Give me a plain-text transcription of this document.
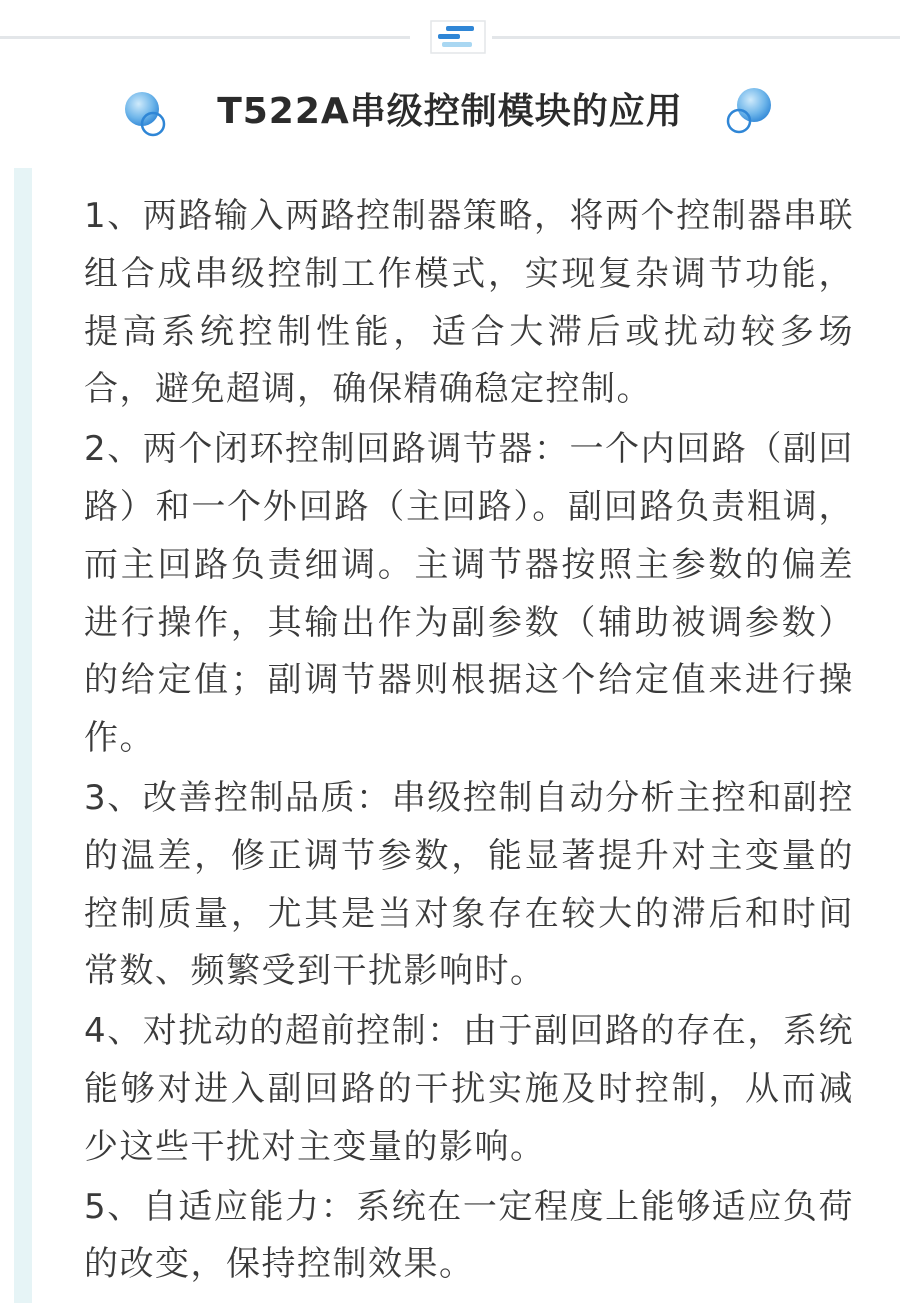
T522A串级控制模块的应用

1、两路输入两路控制器策略，将两个控制器串联组合成串级控制工作模式，实现复杂调节功能，提高系统控制性能，适合大滞后或扰动较多场合，避免超调，确保精确稳定控制。

2、两个闭环控制回路调节器：一个内回路（副回路）和一个外回路（主回路）。副回路负责粗调，而主回路负责细调。主调节器按照主参数的偏差进行操作，其输出作为副参数（辅助被调参数）的给定值；副调节器则根据这个给定值来进行操作。

3、改善控制品质：串级控制自动分析主控和副控的温差，修正调节参数，能显著提升对主变量的控制质量，尤其是当对象存在较大的滞后和时间常数、频繁受到干扰影响时。

4、对扰动的超前控制：由于副回路的存在，系统能够对进入副回路的干扰实施及时控制，从而减少这些干扰对主变量的影响。

5、自适应能力：系统在一定程度上能够适应负荷的改变，保持控制效果。
